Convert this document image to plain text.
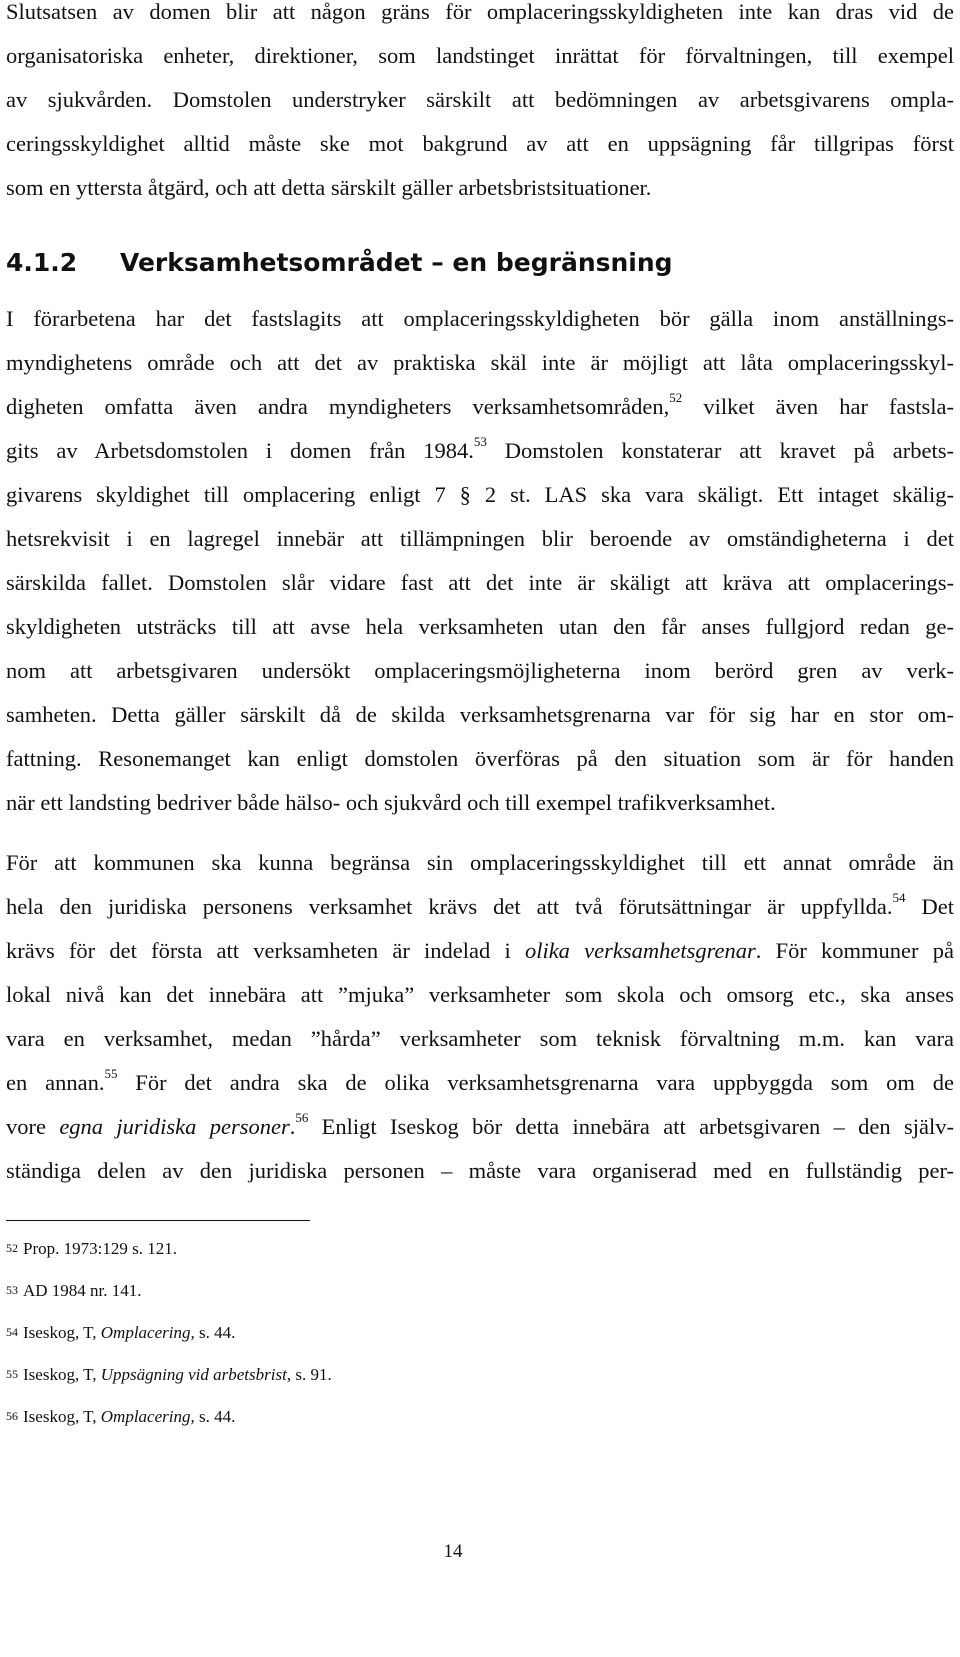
Slutsatsen av domen blir att någon gräns för omplaceringsskyldigheten inte kan dras vid de
organisatoriska enheter, direktioner, som landstinget inrättat för förvaltningen, till exempel
av sjukvården. Domstolen understryker särskilt att bedömningen av arbetsgivarens ompla-
ceringsskyldighet alltid måste ske mot bakgrund av att en uppsägning får tillgripas först
som en yttersta åtgärd, och att detta särskilt gäller arbetsbristsituationer.
4.1.2 Verksamhetsområdet – en begränsning
I förarbetena har det fastslagits att omplaceringsskyldigheten bör gälla inom anställnings-
myndighetens område och att det av praktiska skäl inte är möjligt att låta omplaceringsskyl-
digheten omfatta även andra myndigheters verksamhetsområden,$^{52}$ vilket även har fastsla-
gits av Arbetsdomstolen i domen från 1984.53 Domstolen konstaterar att kravet på arbets-
givarens skyldighet till omplacering enligt 7 § 2 st. LAS ska vara skäligt. Ett intaget skälig-
hetsrekvisit i en lagregel innebär att tillämpningen blir beroende av omständigheterna i det
särskilda fallet. Domstolen slår vidare fast att det inte är skäligt att kräva att omplacerings-
skyldigheten utsträcks till att avse hela verksamheten utan den får anses fullgjord redan ge-
nom att arbetsgivaren undersökt omplaceringsmöjligheterna inom berörd gren av verk-
samheten. Detta gäller särskilt då de skilda verksamhetsgrenarna var för sig har en stor om-
fattning. Resonemanget kan enligt domstolen överföras på den situation som är för handen
när ett landsting bedriver både hälso- och sjukvård och till exempel trafikverksamhet.
För att kommunen ska kunna begränsa sin omplaceringsskyldighet till ett annat område än
hela den juridiska personens verksamhet krävs det att två förutsättningar är uppfyllda.$^{54}$ Det
krävs för det första att verksamheten är indelad i olika verksamhetsgrenar. För kommuner på
lokal nivå kan det innebära att ”mjuka” verksamheter som skola och omsorg etc., ska anses
vara en verksamhet, medan ”hårda” verksamheter som teknisk förvaltning m.m. kan vara
en annan.$^{55}$ För det andra ska de olika verksamhetsgrenarna vara uppbyggda som om de
vore egna juridiska personer.$^{56}$ Enligt Iseskog bör detta innebära att arbetsgivaren – den själv-
ständiga delen av den juridiska personen – måste vara organiserad med en fullständig per-
$^{52}$ Prop. 1973:129 s. 121.
$^{53}$ AD 1984 nr. 141.
$^{54}$ Iseskog, T, Omplacering, s. 44.
$^{55}$ Iseskog, T, Uppsägning vid arbetsbrist, s. 91.
$^{56}$ Iseskog, T, Omplacering, s. 44.
14
